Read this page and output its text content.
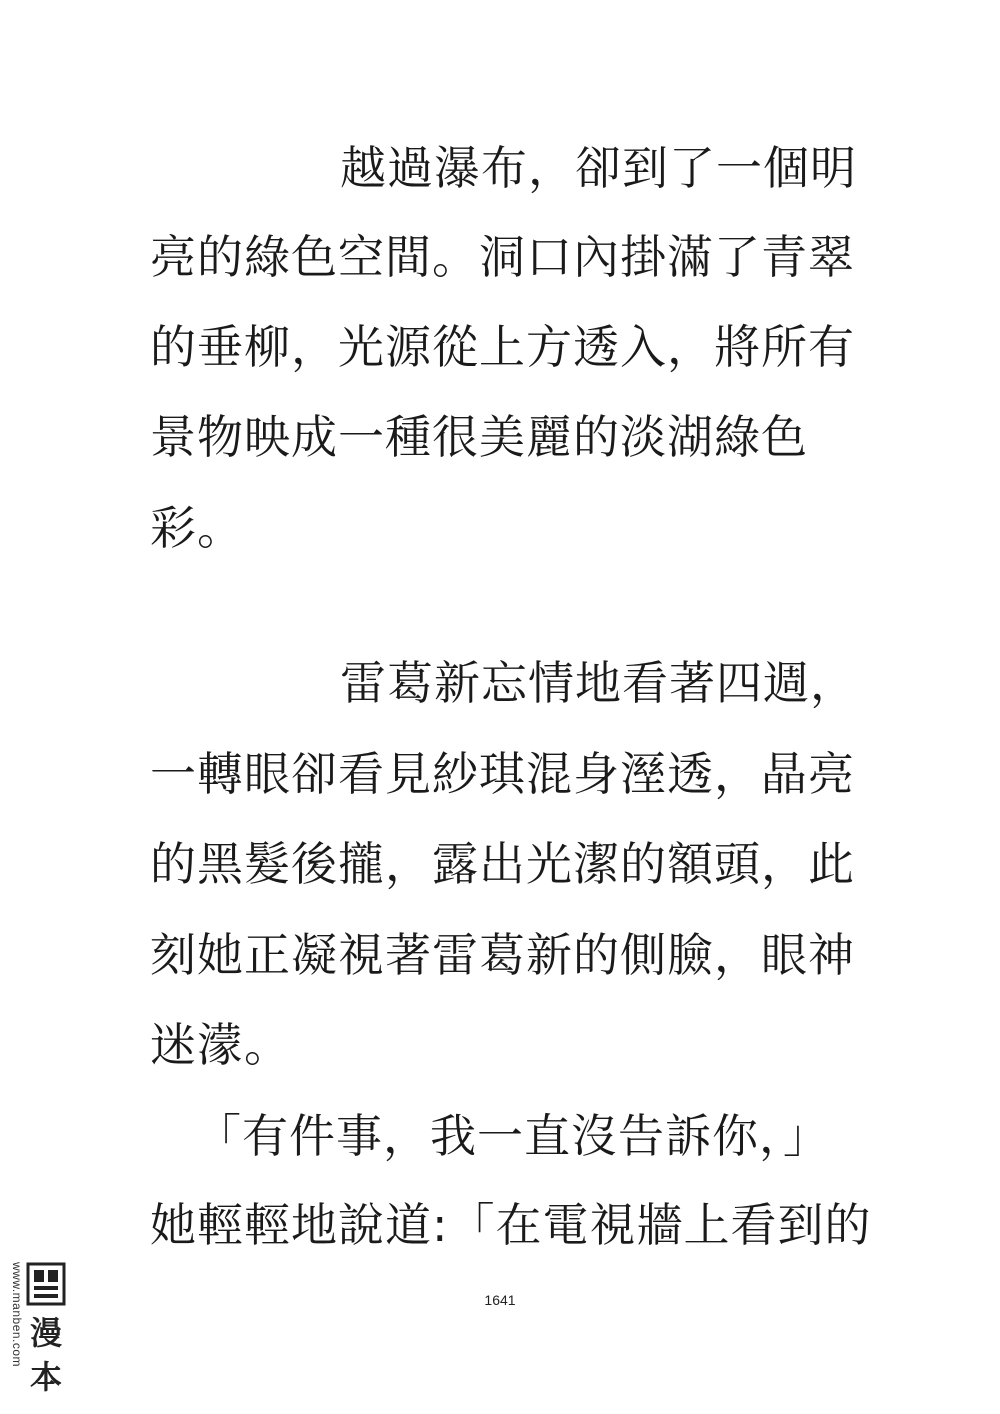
越過瀑布，卻到了一個明
亮的綠色空間。洞口內掛滿了青翠
的垂柳，光源從上方透入，將所有
景物映成一種很美麗的淡湖綠色
彩。
雷葛新忘情地看著四週，
一轉眼卻看見紗琪混身溼透，晶亮
的黑髮後攏，露出光潔的額頭，此
刻她正凝視著雷葛新的側臉，眼神
迷濛。
「有件事，我一直沒告訴你，」
她輕輕地說道:「在電視牆上看到的
1641
www.manben.com 漫
本
